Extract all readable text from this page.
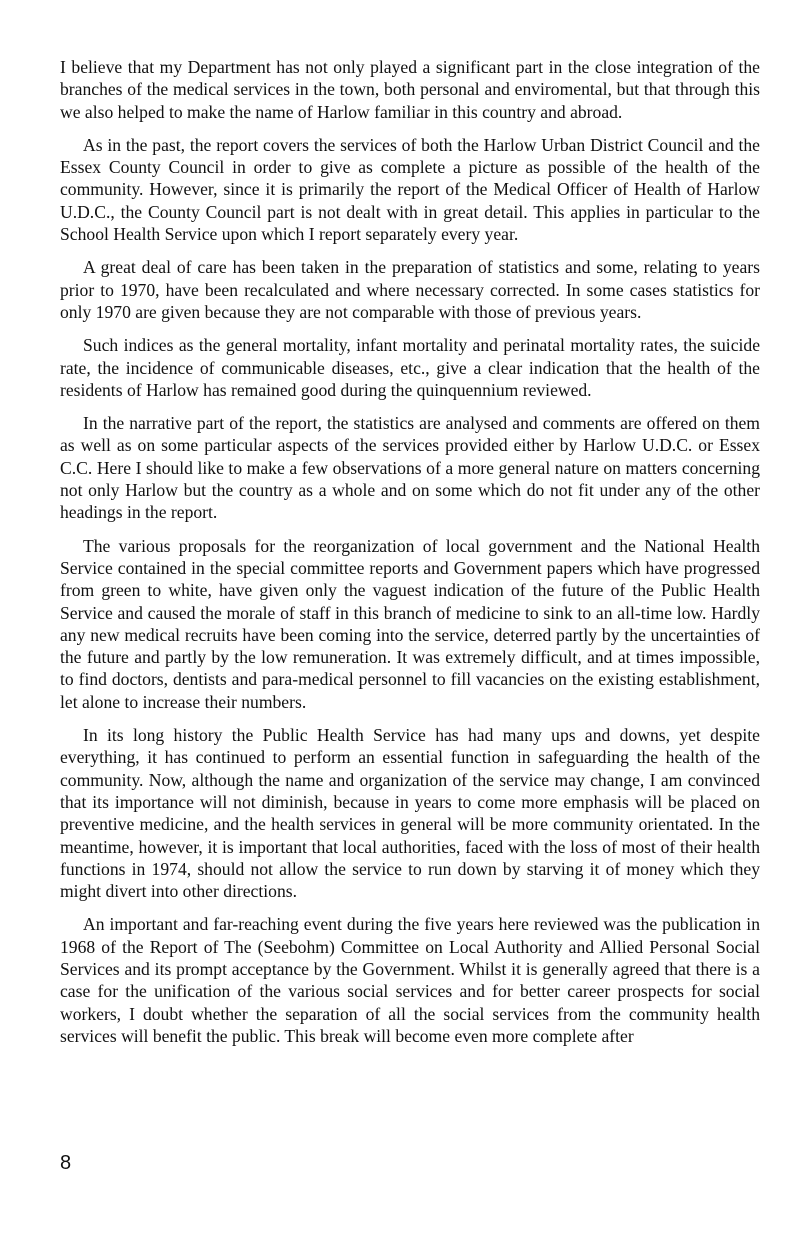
I believe that my Department has not only played a significant part in the close integration of the branches of the medical services in the town, both personal and enviromental, but that through this we also helped to make the name of Harlow familiar in this country and abroad.

As in the past, the report covers the services of both the Harlow Urban District Council and the Essex County Council in order to give as complete a picture as possible of the health of the community. However, since it is primarily the report of the Medical Officer of Health of Harlow U.D.C., the County Council part is not dealt with in great detail. This applies in particular to the School Health Service upon which I report separately every year.

A great deal of care has been taken in the preparation of statistics and some, relating to years prior to 1970, have been recalculated and where necessary corrected. In some cases statistics for only 1970 are given because they are not comparable with those of previous years.

Such indices as the general mortality, infant mortality and perinatal mortality rates, the suicide rate, the incidence of communicable diseases, etc., give a clear indication that the health of the residents of Harlow has remained good during the quinquennium reviewed.

In the narrative part of the report, the statistics are analysed and comments are offered on them as well as on some particular aspects of the services provided either by Harlow U.D.C. or Essex C.C. Here I should like to make a few observations of a more general nature on matters concerning not only Harlow but the country as a whole and on some which do not fit under any of the other headings in the report.

The various proposals for the reorganization of local government and the National Health Service contained in the special committee reports and Government papers which have progressed from green to white, have given only the vaguest indication of the future of the Public Health Service and caused the morale of staff in this branch of medicine to sink to an all-time low. Hardly any new medical recruits have been coming into the service, deterred partly by the uncertainties of the future and partly by the low remuneration. It was extremely difficult, and at times impossible, to find doctors, dentists and para-medical personnel to fill vacancies on the existing establishment, let alone to increase their numbers.

In its long history the Public Health Service has had many ups and downs, yet despite everything, it has continued to perform an essential function in safeguarding the health of the community. Now, although the name and organization of the service may change, I am convinced that its importance will not diminish, because in years to come more emphasis will be placed on preventive medicine, and the health services in general will be more community orientated. In the meantime, however, it is important that local authorities, faced with the loss of most of their health functions in 1974, should not allow the service to run down by starving it of money which they might divert into other directions.

An important and far-reaching event during the five years here reviewed was the publication in 1968 of the Report of The (Seebohm) Committee on Local Authority and Allied Personal Social Services and its prompt acceptance by the Government. Whilst it is generally agreed that there is a case for the unification of the various social services and for better career prospects for social workers, I doubt whether the separation of all the social services from the community health services will benefit the public. This break will become even more complete after

8
